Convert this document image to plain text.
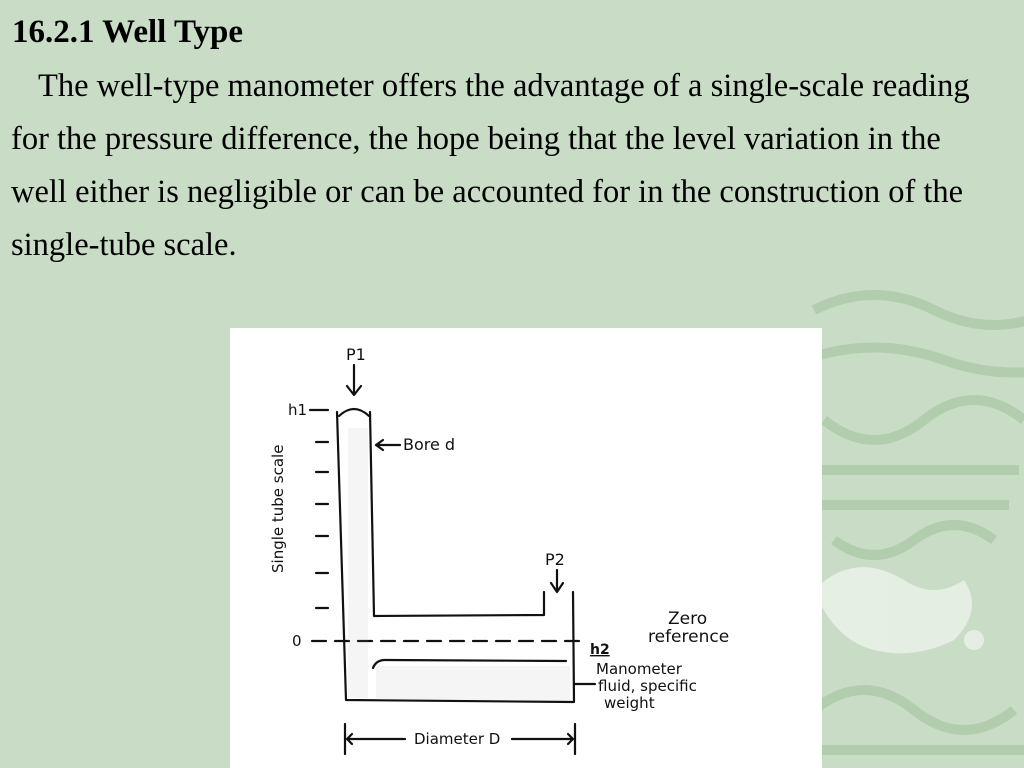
16.2.1 Well Type

The well-type manometer offers the advantage of a single-scale reading for the pressure difference, the hope being that the level variation in the well either is negligible or can be accounted for in the construction of the single-tube scale.

P1
h1
Bore d
Single tube scale	P2
0
Zero
reference
h2
Manometer
fluid, specific
weight
Diameter D
